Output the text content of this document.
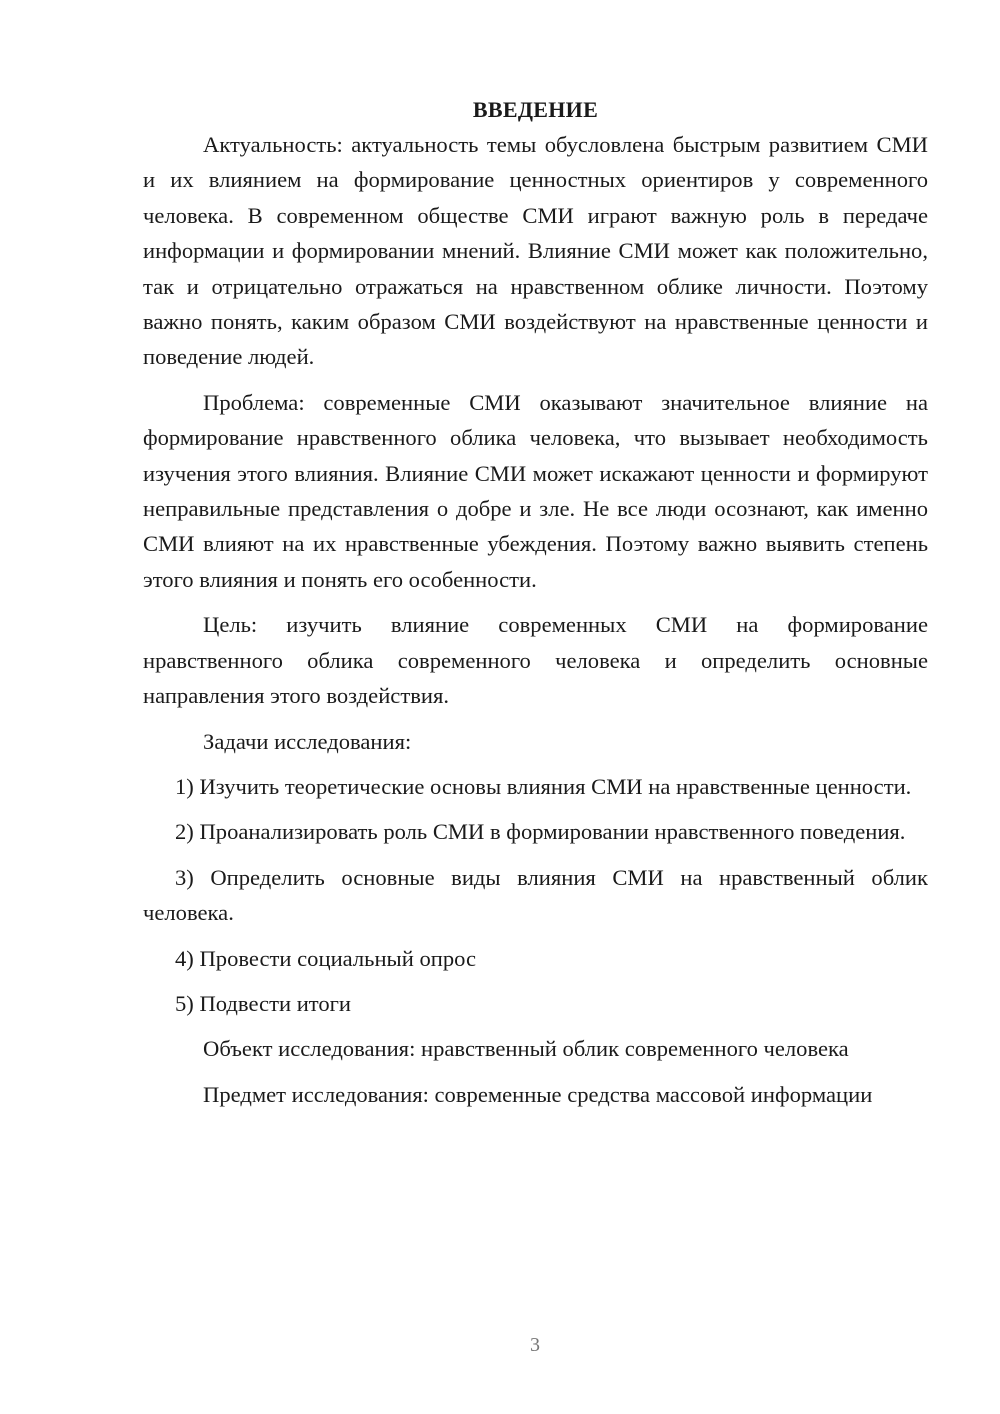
ВВЕДЕНИЕ

Актуальность: актуальность темы обусловлена быстрым развитием СМИ и их влиянием на формирование ценностных ориентиров у современного человека. В современном обществе СМИ играют важную роль в передаче информации и формировании мнений. Влияние СМИ может как положительно, так и отрицательно отражаться на нравственном облике личности. Поэтому важно понять, каким образом СМИ воздействуют на нравственные ценности и поведение людей.

Проблема: современные СМИ оказывают значительное влияние на формирование нравственного облика человека, что вызывает необходимость изучения этого влияния. Влияние СМИ может искажают ценности и формируют неправильные представления о добре и зле. Не все люди осознают, как именно СМИ влияют на их нравственные убеждения. Поэтому важно выявить степень этого влияния и понять его особенности.

Цель: изучить влияние современных СМИ на формирование нравственного облика современного человека и определить основные направления этого воздействия.

Задачи исследования:

1) Изучить теоретические основы влияния СМИ на нравственные ценности.

2) Проанализировать роль СМИ в формировании нравственного поведения.

3) Определить основные виды влияния СМИ на нравственный облик человека.

4) Провести социальный опрос

5) Подвести итоги

Объект исследования: нравственный облик современного человека

Предмет исследования: современные средства массовой информации

3
